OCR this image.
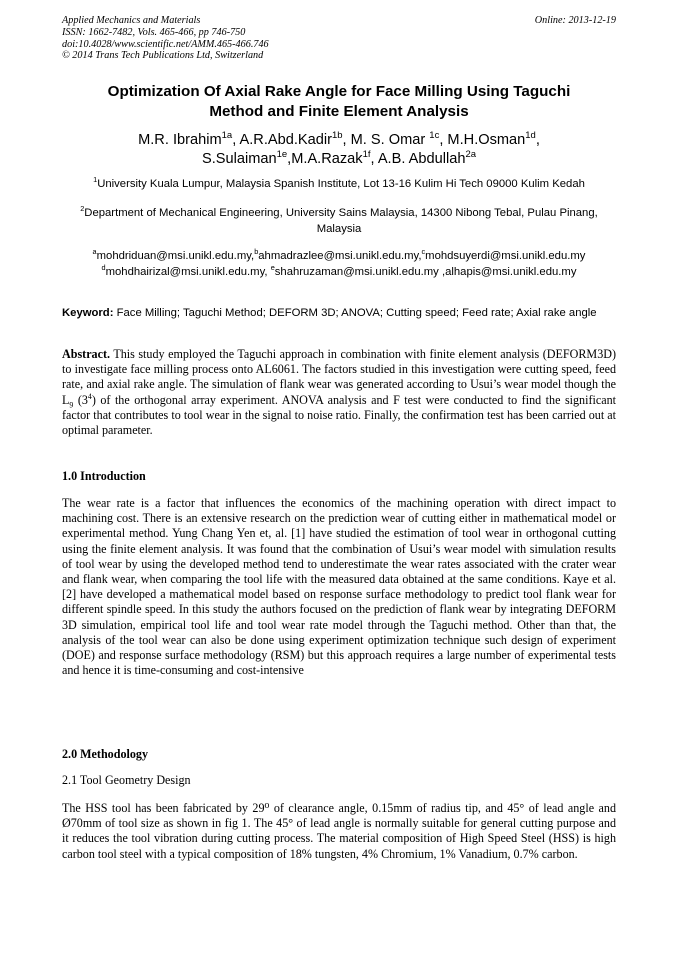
Applied Mechanics and Materials
ISSN: 1662-7482, Vols. 465-466, pp 746-750
doi:10.4028/www.scientific.net/AMM.465-466.746
© 2014 Trans Tech Publications Ltd, Switzerland
Online: 2013-12-19
Optimization Of Axial Rake Angle for Face Milling Using Taguchi
Method and Finite Element Analysis
M.R. Ibrahim$^{1a}$, A.R.Abd.Kadir$^{1b}$, M. S. Omar $^{1c}$, M.H.Osman$^{1d}$,
S.Sulaiman$^{1e}$,M.A.Razak$^{1f}$, A.B. Abdullah$^{2a}$
$^1$University Kuala Lumpur, Malaysia Spanish Institute, Lot 13-16 Kulim Hi Tech 09000 Kulim Kedah
$^2$Department of Mechanical Engineering, University Sains Malaysia, 14300 Nibong Tebal, Pulau Pinang, Malaysia
$^a$mohdriduan@msi.unikl.edu.my,$^b$ahmadrazlee@msi.unikl.edu.my,$^c$mohdsuyerdi@msi.unikl.edu.my
$^d$mohdhairizal@msi.unikl.edu.my, $^e$shahruzaman@msi.unikl.edu.my ,alhapis@msi.unikl.edu.my
Keyword: Face Milling; Taguchi Method; DEFORM 3D; ANOVA; Cutting speed; Feed rate; Axial rake angle
Abstract. This study employed the Taguchi approach in combination with finite element analysis (DEFORM3D) to investigate face milling process onto AL6061. The factors studied in this investigation were cutting speed, feed rate, and axial rake angle. The simulation of flank wear was generated according to Usui’s wear model though the $L_9$ $(3^4)$ of the orthogonal array experiment. ANOVA analysis and F test were conducted to find the significant factor that contributes to tool wear in the signal to noise ratio. Finally, the confirmation test has been carried out at optimal parameter.
1.0 Introduction
The wear rate is a factor that influences the economics of the machining operation with direct impact to machining cost. There is an extensive research on the prediction wear of cutting either in mathematical model or experimental method. Yung Chang Yen et, al. [1] have studied the estimation of tool wear in orthogonal cutting using the finite element analysis. It was found that the combination of Usui’s wear model with simulation results of tool wear by using the developed method tend to underestimate the wear rates associated with the crater wear and flank wear, when comparing the tool life with the measured data obtained at the same conditions. Kaye et al. [2] have developed a mathematical model based on response surface methodology to predict tool flank wear for different spindle speed. In this study the authors focused on the prediction of flank wear by integrating DEFORM 3D simulation, empirical tool life and tool wear rate model through the Taguchi method. Other than that, the analysis of the tool wear can also be done using experiment optimization technique such design of experiment (DOE) and response surface methodology (RSM) but this approach requires a large number of experimental tests and hence it is time-consuming and cost-intensive
2.0 Methodology
2.1 Tool Geometry Design
The HSS tool has been fabricated by 29⁰ of clearance angle, 0.15mm of radius tip, and 45° of lead angle and Ø70mm of tool size as shown in fig 1. The 45° of lead angle is normally suitable for general cutting purpose and it reduces the tool vibration during cutting process. The material composition of High Speed Steel (HSS) is high carbon tool steel with a typical composition of 18% tungsten, 4% Chromium, 1% Vanadium, 0.7% carbon.
